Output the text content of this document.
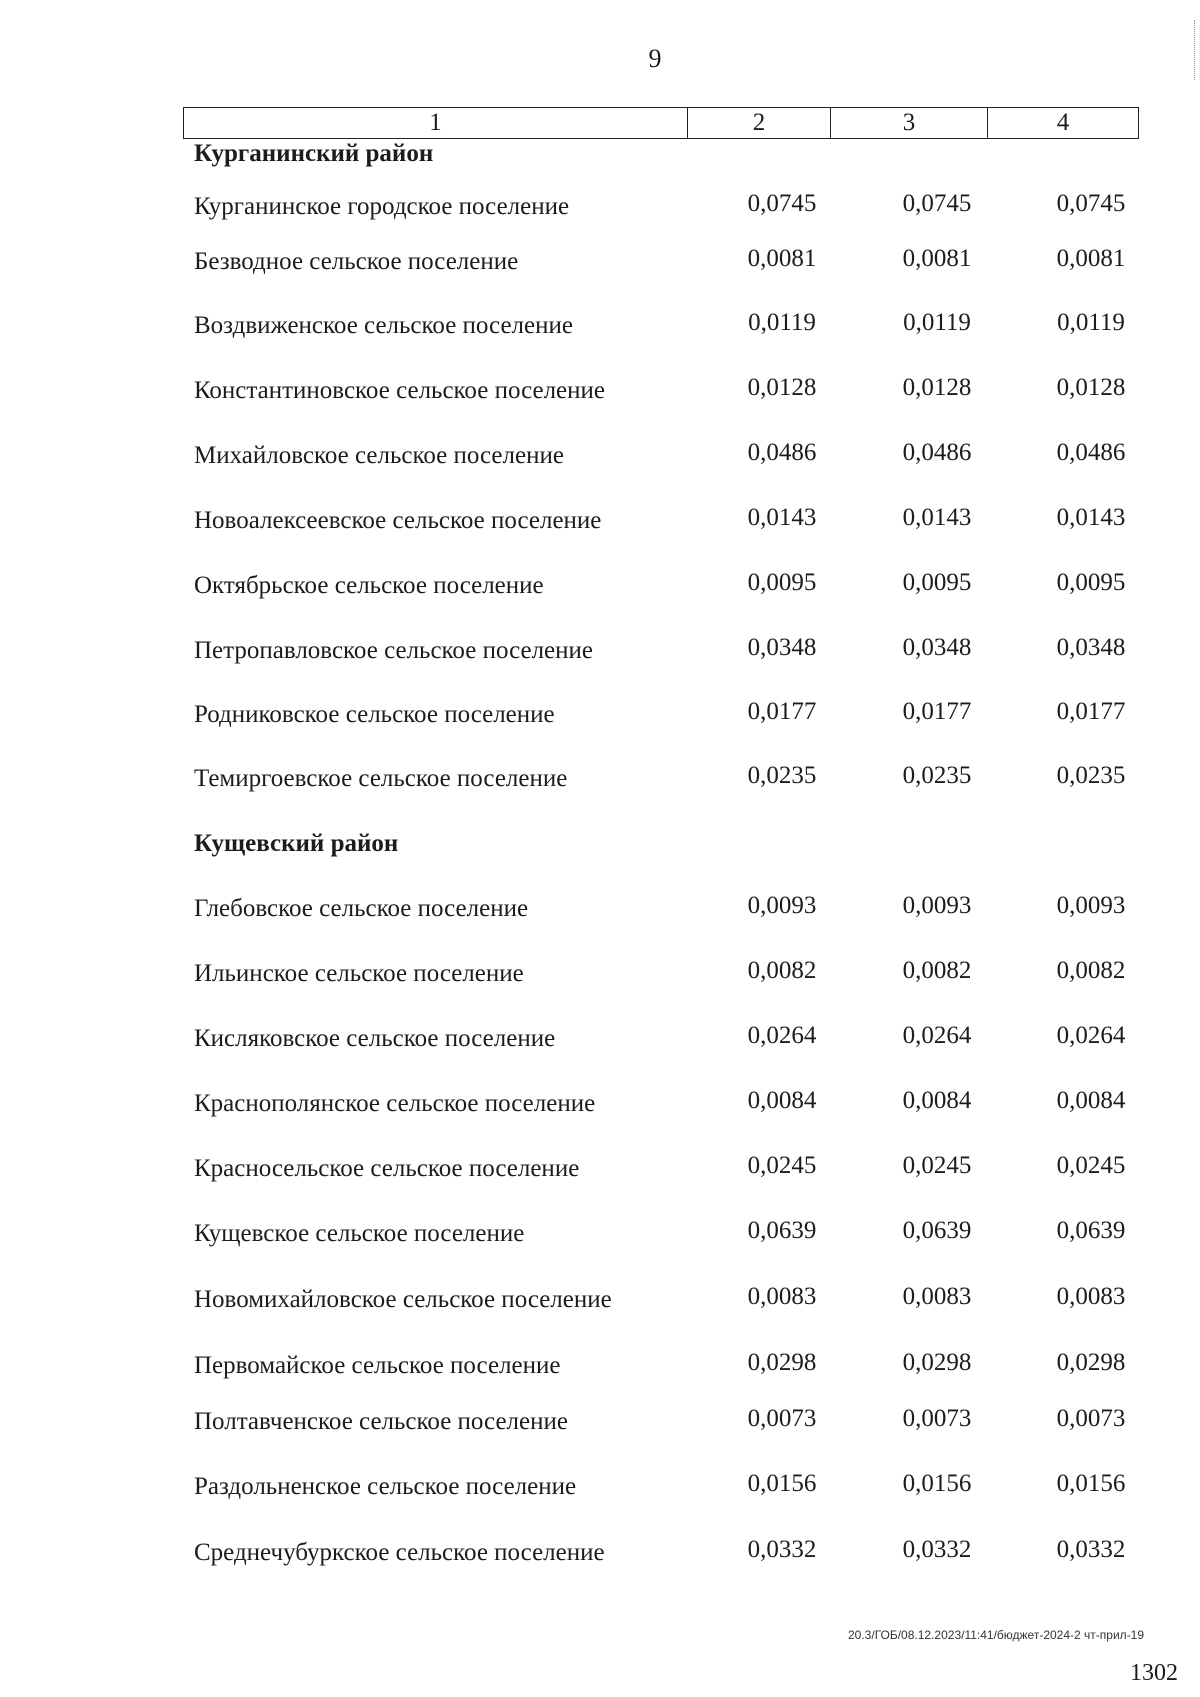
9
1	2	3	4
Курганинский район
Курганинское городское поселение	0,0745	0,0745	0,0745
Безводное сельское поселение	0,0081	0,0081	0,0081
Воздвиженское сельское поселение	0,0119	0,0119	0,0119
Константиновское сельское поселение	0,0128	0,0128	0,0128
Михайловское сельское поселение	0,0486	0,0486	0,0486
Новоалексеевское сельское поселение	0,0143	0,0143	0,0143
Октябрьское сельское поселение	0,0095	0,0095	0,0095
Петропавловское сельское поселение	0,0348	0,0348	0,0348
Родниковское сельское поселение	0,0177	0,0177	0,0177
Темиргоевское сельское поселение	0,0235	0,0235	0,0235
Кущевский район
Глебовское сельское поселение	0,0093	0,0093	0,0093
Ильинское сельское поселение	0,0082	0,0082	0,0082
Кисляковское сельское поселение	0,0264	0,0264	0,0264
Краснополянское сельское поселение	0,0084	0,0084	0,0084
Красносельское сельское поселение	0,0245	0,0245	0,0245
Кущевское сельское поселение	0,0639	0,0639	0,0639
Новомихайловское сельское поселение	0,0083	0,0083	0,0083
Первомайское сельское поселение	0,0298	0,0298	0,0298
Полтавченское сельское поселение	0,0073	0,0073	0,0073
Раздольненское сельское поселение	0,0156	0,0156	0,0156
Среднечубуркское сельское поселение	0,0332	0,0332	0,0332
20.3/ГОБ/08.12.2023/11:41/бюджет-2024-2 чт-прил-19
1302
